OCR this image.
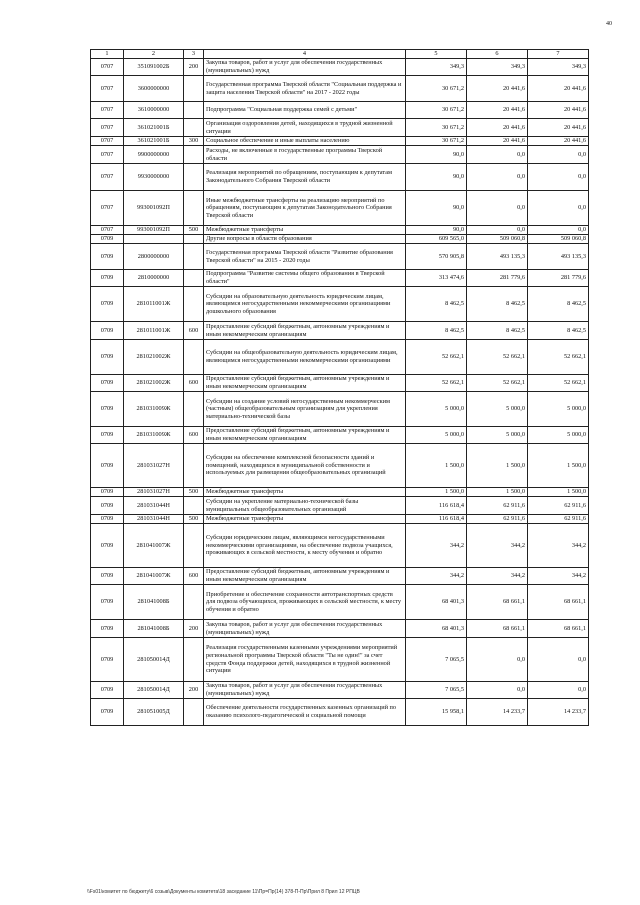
40
1	2	3	4	5	6	7
0707	351091002Б	200	Закупка товаров, работ и услуг для обеспечения государственных (муниципальных) нужд	349,3	349,3	349,3
0707	3600000000		Государственная программа Тверской области "Социальная поддержка и защита населения Тверской области" на 2017 - 2022 годы	30 671,2	20 441,6	20 441,6
0707	3610000000		Подпрограмма "Социальная поддержка семей с детьми"	30 671,2	20 441,6	20 441,6
0707	361021001Б		Организация оздоровления детей, находящихся в трудной жизненной ситуации	30 671,2	20 441,6	20 441,6
0707	361021001Б	300	Социальное обеспечение и иные выплаты населению	30 671,2	20 441,6	20 441,6
0707	9900000000		Расходы, не включенные в государственные программы Тверской области	90,0	0,0	0,0
0707	9930000000		Реализация мероприятий по обращениям, поступающим к депутатам Законодательного Собрания Тверской области	90,0	0,0	0,0
0707	993001092П		Иные межбюджетные трансферты на реализацию мероприятий по обращениям, поступающим к депутатам Законодательного Собрания Тверской области	90,0	0,0	0,0
0707	993001092П	500	Межбюджетные трансферты	90,0	0,0	0,0
0709			Другие вопросы в области образования	609 565,0	509 060,8	509 060,8
0709	2800000000		Государственная программа Тверской области "Развитие образования Тверской области" на 2015 - 2020 годы	570 905,8	493 135,3	493 135,3
0709	2810000000		Подпрограмма "Развитие системы общего образования в Тверской области"	313 474,6	281 779,6	281 779,6
0709	281011001Ж		Субсидии на образовательную деятельность юридическим лицам, являющимся негосударственными некоммерческими организациями дошкольного образования	8 462,5	8 462,5	8 462,5
0709	281011001Ж	600	Предоставление субсидий бюджетным, автономным учреждениям и иным некоммерческим организациям	8 462,5	8 462,5	8 462,5
0709	281021002Ж		Субсидии на общеобразовательную деятельность юридическим лицам, являющимся негосударственными некоммерческими организациями	52 662,1	52 662,1	52 662,1
0709	281021002Ж	600	Предоставление субсидий бюджетным, автономным учреждениям и иным некоммерческим организациям	52 662,1	52 662,1	52 662,1
0709	281031009Ж		Субсидии на создание условий негосударственным некоммерческим (частным) общеобразовательным организациям для укрепления материально-технической базы	5 000,0	5 000,0	5 000,0
0709	281031009Ж	600	Предоставление субсидий бюджетным, автономным учреждениям и иным некоммерческим организациям	5 000,0	5 000,0	5 000,0
0709	281031027Н		Субсидии на обеспечение комплексной безопасности зданий и помещений, находящихся в муниципальной собственности и используемых для размещения общеобразовательных организаций	1 500,0	1 500,0	1 500,0
0709	281031027Н	500	Межбюджетные трансферты	1 500,0	1 500,0	1 500,0
0709	281031044Н		Субсидии на укрепление материально-технической базы муниципальных общеобразовательных организаций	116 618,4	62 911,6	62 911,6
0709	281031044Н	500	Межбюджетные трансферты	116 618,4	62 911,6	62 911,6
0709	281041007Ж		Субсидии юридическим лицам, являющимся негосударственными некоммерческими организациями, на обеспечение подвоза учащихся, проживающих в сельской местности, к месту обучения и обратно	344,2	344,2	344,2
0709	281041007Ж	600	Предоставление субсидий бюджетным, автономным учреждениям и иным некоммерческим организациям	344,2	344,2	344,2
0709	281041008Б		Приобретение и обеспечение сохранности автотранспортных средств для подвоза обучающихся, проживающих в сельской местности, к месту обучения и обратно	68 401,3	68 661,1	68 661,1
0709	281041008Б	200	Закупка товаров, работ и услуг для обеспечения государственных (муниципальных) нужд	68 401,3	68 661,1	68 661,1
0709	281050014Д		Реализация государственными казенными учреждениями мероприятий региональной программы Тверской области "Ты не один!" за счет средств Фонда поддержки детей, находящихся в трудной жизненной ситуации	7 065,5	0,0	0,0
0709	281050014Д	200	Закупка товаров, работ и услуг для обеспечения государственных (муниципальных) нужд	7 065,5	0,0	0,0
0709	281051005Д		Обеспечение деятельности государственных казенных организаций по оказанию психолого-педагогической и социальной помощи	15 958,1	14 233,7	14 233,7
\\Fs01\комитет по бюджету\6 созыв\Документы комитета\18 заседание 11\Пр=Пр(14) 378-П-Пр\Прил 8 Прил 12 РПЦВ
